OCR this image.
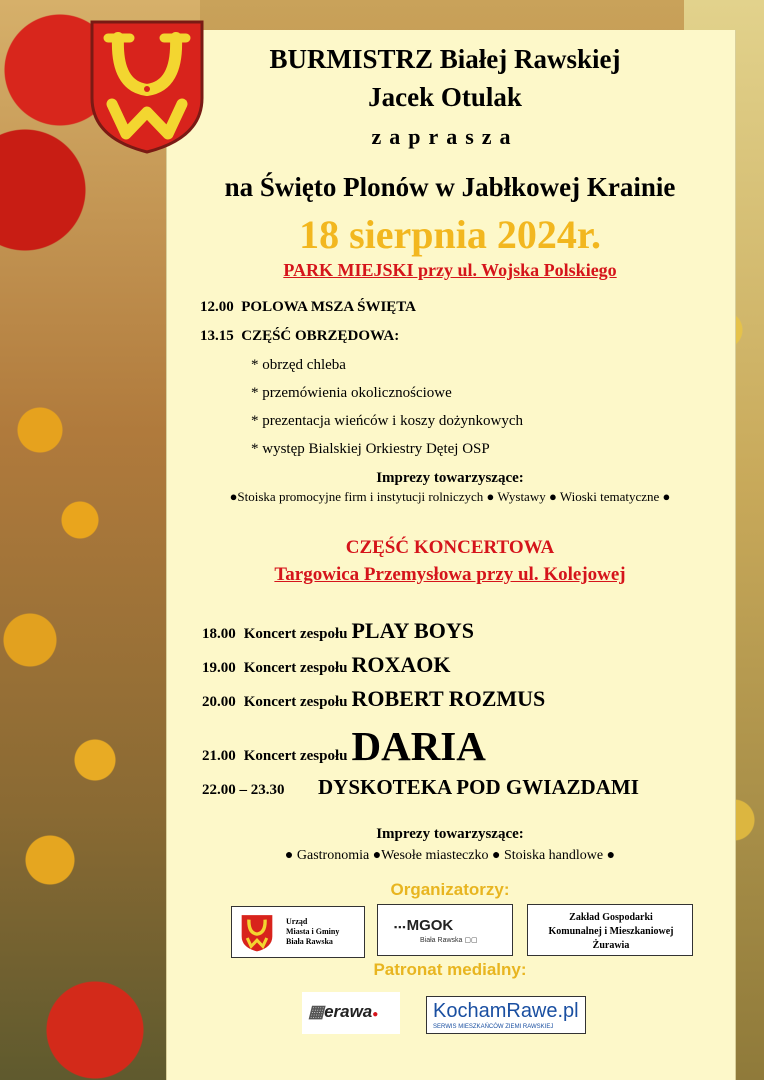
BURMISTRZ Białej Rawskiej
Jacek Otulak
zaprasza
na Święto Plonów w Jabłkowej Krainie
18 sierpnia 2024r.
PARK MIEJSKI przy ul. Wojska Polskiego
12.00 POLOWA MSZA ŚWIĘTA
13.15 CZĘŚĆ OBRZĘDOWA:
* obrzęd chleba
* przemówienia okolicznościowe
* prezentacja wieńców i koszy dożynkowych
* występ Bialskiej Orkiestry Dętej OSP
Imprezy towarzyszące:
●Stoiska promocyjne firm i instytucji rolniczych ● Wystawy ● Wioski tematyczne ●
CZĘŚĆ KONCERTOWA
Targowica Przemysłowa przy ul. Kolejowej
18.00 Koncert zespołu PLAY BOYS
19.00 Koncert zespołu ROXAOK
20.00 Koncert zespołu ROBERT ROZMUS
21.00 Koncert zespołu DARIA
22.00 – 23.30 DYSKOTEKA POD GWIAZDAMI
Imprezy towarzyszące:
● Gastronomia ●Wesołe miasteczko ● Stoiska handlowe ●
Organizatorzy:
Urząd
Miasta i Gminy
Biała Rawska
▪▪▪MGOK
Biała Rawska ▢▢
Zakład Gospodarki
Komunalnej i Mieszkaniowej
Żurawia
Patronat medialny:
▦erawa●	KochamRawe.pl
SERWIS MIESZKAŃCÓW ZIEMI RAWSKIEJ
